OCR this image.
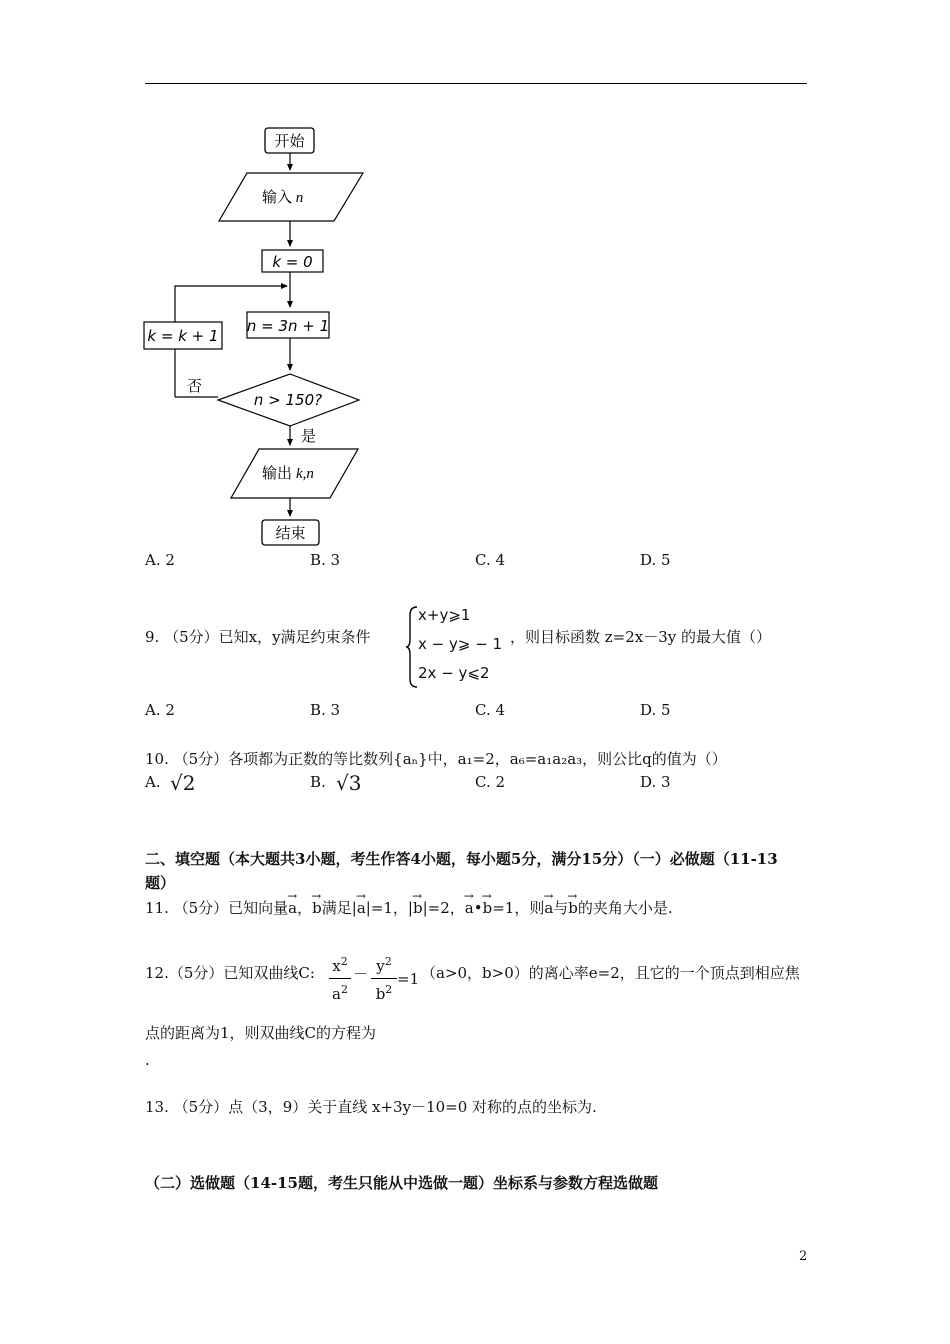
开始
输入 n
k = 0
n = 3n + 1
k = k + 1
n > 150?
否
是
输出 k,n
结束
A. 2	B. 3	C. 4	D. 5
9. （5分）已知x，y满足约束条件
x+y⩾1
x − y⩾ − 1
2x − y⩽2
，则目标函数 z=2x－3y 的最大值（）
A. 2	B. 3	C. 4	D. 5
10. （5分）各项都为正数的等比数列{aₙ}中，a₁=2，a₆=a₁a₂a₃，则公比q的值为（）
A. √2	B. √3	C. 2	D. 3
二、填空题（本大题共3小题，考生作答4小题，每小题5分，满分15分）（一）必做题（11-13
题）
11. （5分）已知向量→ a，→ b满足|→ a|=1，|→ b|=2，→ a•→ b=1，则→ a与→ b的夹角大小是.
12.（5分）已知双曲线C: $x^2$
$a^2$
－ $y^2$
$b^2$
=1 （a>0，b>0）的离心率e=2，且它的一个顶点到相应焦
点的距离为1，则双曲线C的方程为
.
13. （5分）点（3，9）关于直线 x+3y－10=0 对称的点的坐标为.
（二）选做题（14-15题，考生只能从中选做一题）坐标系与参数方程选做题
2
